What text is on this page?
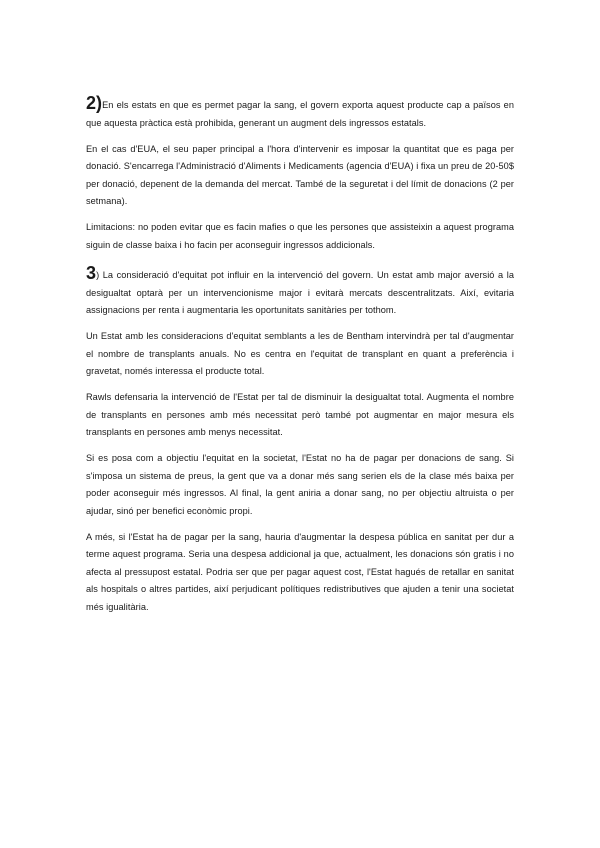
2)En els estats en que es permet pagar la sang, el govern exporta aquest producte cap a països en que aquesta pràctica està prohibida, generant un augment dels ingressos estatals.

En el cas d'EUA, el seu paper principal a l'hora d'intervenir es imposar la quantitat que es paga per donació. S'encarrega l'Administració d'Aliments i Medicaments (agencia d'EUA) i fixa un preu de 20-50$ per donació, depenent de la demanda del mercat. També de la seguretat i del límit de donacions (2 per setmana).

Limitacions: no poden evitar que es facin mafies o que les persones que assisteixin a aquest programa siguin de classe baixa i ho facin per aconseguir ingressos addicionals.

3) La consideració d'equitat pot influir en la intervenció del govern. Un estat amb major aversió a la desigualtat optarà per un intervencionisme major i evitarà mercats descentralitzats. Així, evitaria assignacions per renta i augmentaria les oportunitats sanitàries per tothom.

Un Estat amb les consideracions d'equitat semblants a les de Bentham intervindrà per tal d'augmentar el nombre de transplants anuals. No es centra en l'equitat de transplant en quant a preferència i gravetat, només interessa el producte total.

Rawls defensaria la intervenció de l'Estat per tal de disminuir la desigualtat total. Augmenta el nombre de transplants en persones amb més necessitat però també pot augmentar en major mesura els transplants en persones amb menys necessitat.

Si es posa com a objectiu l'equitat en la societat, l'Estat no ha de pagar per donacions de sang. Si s'imposa un sistema de preus, la gent que va a donar més sang serien els de la clase més baixa per poder aconseguir més ingressos. Al final, la gent aniria a donar sang, no per objectiu altruista o per ajudar, sinó per benefici econòmic propi.

A més, si l'Estat ha de pagar per la sang, hauria d'augmentar la despesa pública en sanitat per dur a terme aquest programa. Seria una despesa addicional ja que, actualment, les donacions són gratis i no afecta al pressupost estatal. Podria ser que per pagar aquest cost, l'Estat hagués de retallar en sanitat als hospitals o altres partides, així perjudicant polítiques redistributives que ajuden a tenir una societat més igualitària.
